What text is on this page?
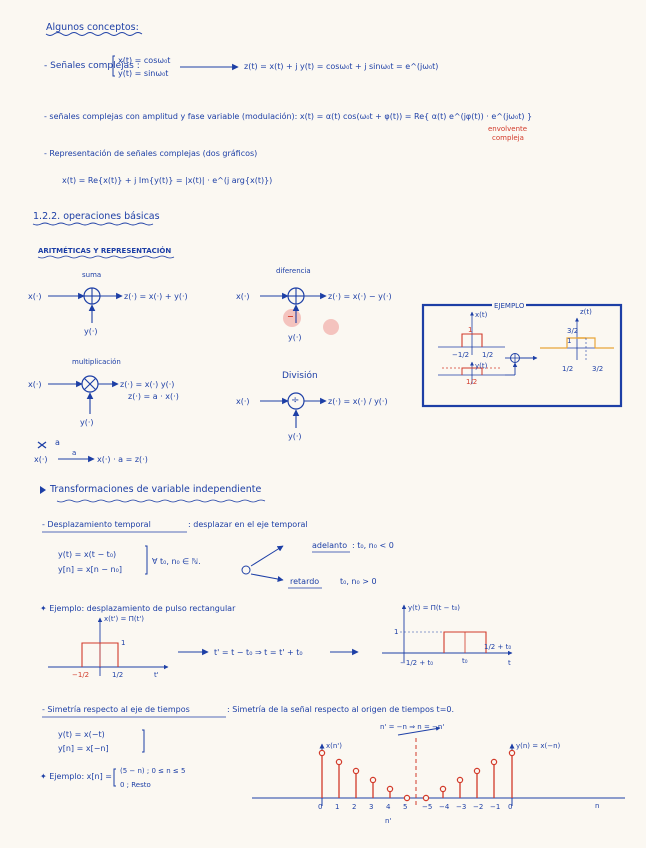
Algunos conceptos:
- Señales complejas :
x(t) = cosω₀t
y(t) = sinω₀t
z(t) = x(t) + j y(t) = cosω₀t + j sinω₀t = e^(jω₀t)
- señales complejas con amplitud y fase variable (modulación): x(t) = α(t) cos(ω₀t + φ(t)) = Re{ α(t) e^(jφ(t)) · e^(jω₀t) }
envolvente
compleja
- Representación de señales complejas (dos gráficos)
x(t) = Re{x(t)} + j Im{y(t)} = |x(t)| · e^(j arg{x(t)})
1.2.2. operaciones básicas
ARITMÉTICAS Y REPRESENTACIÓN
suma
x(·)	z(·) = x(·) + y(·)
y(·)
diferencia
x(·)	z(·) = x(·) − y(·)
−
y(·)
multiplicación
x(·)	z(·) = x(·) y(·)
z(·) = a · x(·)
y(·)
a
a
x(·)	x(·) · a = z(·)
División
x(·)	÷	z(·) = x(·) / y(·)
y(·)
EJEMPLO
x(t)
1
−1/2 1/2
y(t)
1/2
z(t)
3/2
1
1/2	3/2
Transformaciones de variable independiente
- Desplazamiento temporal	: desplazar en el eje temporal
y(t) = x(t − t₀)
y[n] = x[n − n₀]
∀ t₀, n₀ ∈ ℕ.
adelanto : t₀, n₀ < 0
retardo	t₀, n₀ > 0
✦ Ejemplo: desplazamiento de pulso rectangular
x(t') = Π(t')
1
−1/2	1/2	t'
t' = t − t₀ ⇒ t = t' + t₀
y(t) = Π(t − t₀)
1
−1/2 + t₀	t₀
1/2 + t₀
t
- Simetría respecto al eje de tiempos	: Simetría de la señal respecto al origen de tiempos t=0.
n' = −n ⇒ n = −n'
y(t) = x(−t)
y[n] = x[−n]
✦ Ejemplo: x[n] =
(5 − n) ; 0 ≤ n ≤ 5
0 ; Resto
x(n')	y(n) = x(−n)
n
n'
0 1 2 3 4 5 −5 −4 −3 −2 −1 0
